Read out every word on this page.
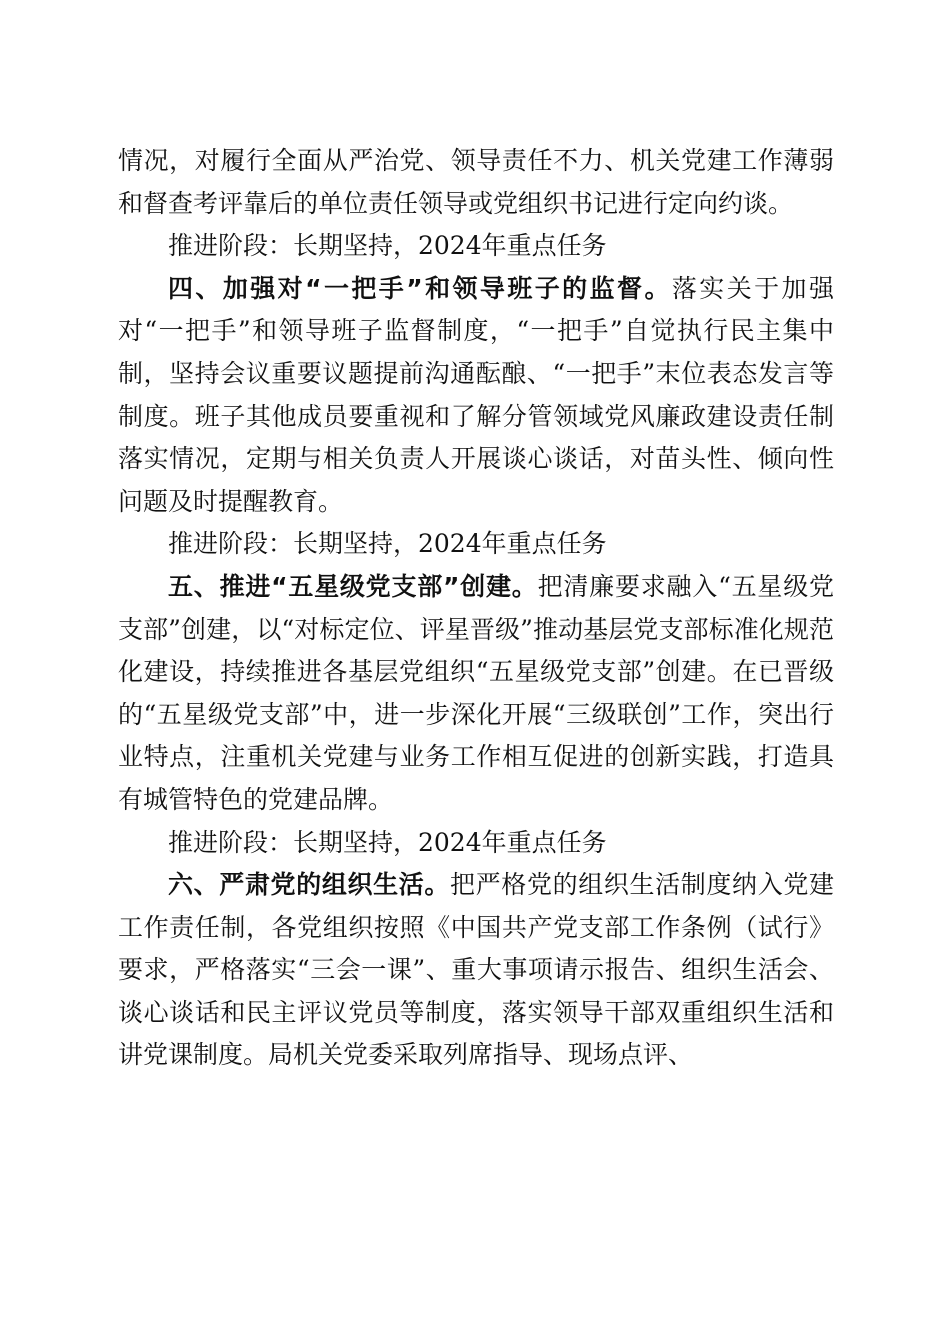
情况，对履行全面从严治党、领导责任不力、机关党建工作薄弱和督查考评靠后的单位责任领导或党组织书记进行定向约谈。

推进阶段：长期坚持，2024年重点任务

四、加强对“一把手”和领导班子的监督。落实关于加强对“一把手”和领导班子监督制度，“一把手”自觉执行民主集中制，坚持会议重要议题提前沟通酝酿、“一把手”末位表态发言等制度。班子其他成员要重视和了解分管领域党风廉政建设责任制落实情况，定期与相关负责人开展谈心谈话，对苗头性、倾向性问题及时提醒教育。

推进阶段：长期坚持，2024年重点任务

五、推进“五星级党支部”创建。把清廉要求融入“五星级党支部”创建，以“对标定位、评星晋级”推动基层党支部标准化规范化建设，持续推进各基层党组织“五星级党支部”创建。在已晋级的“五星级党支部”中，进一步深化开展“三级联创”工作，突出行业特点，注重机关党建与业务工作相互促进的创新实践，打造具有城管特色的党建品牌。

推进阶段：长期坚持，2024年重点任务

六、严肃党的组织生活。把严格党的组织生活制度纳入党建工作责任制，各党组织按照《中国共产党支部工作条例（试行》要求，严格落实“三会一课”、重大事项请示报告、组织生活会、谈心谈话和民主评议党员等制度，落实领导干部双重组织生活和讲党课制度。局机关党委采取列席指导、现场点评、
